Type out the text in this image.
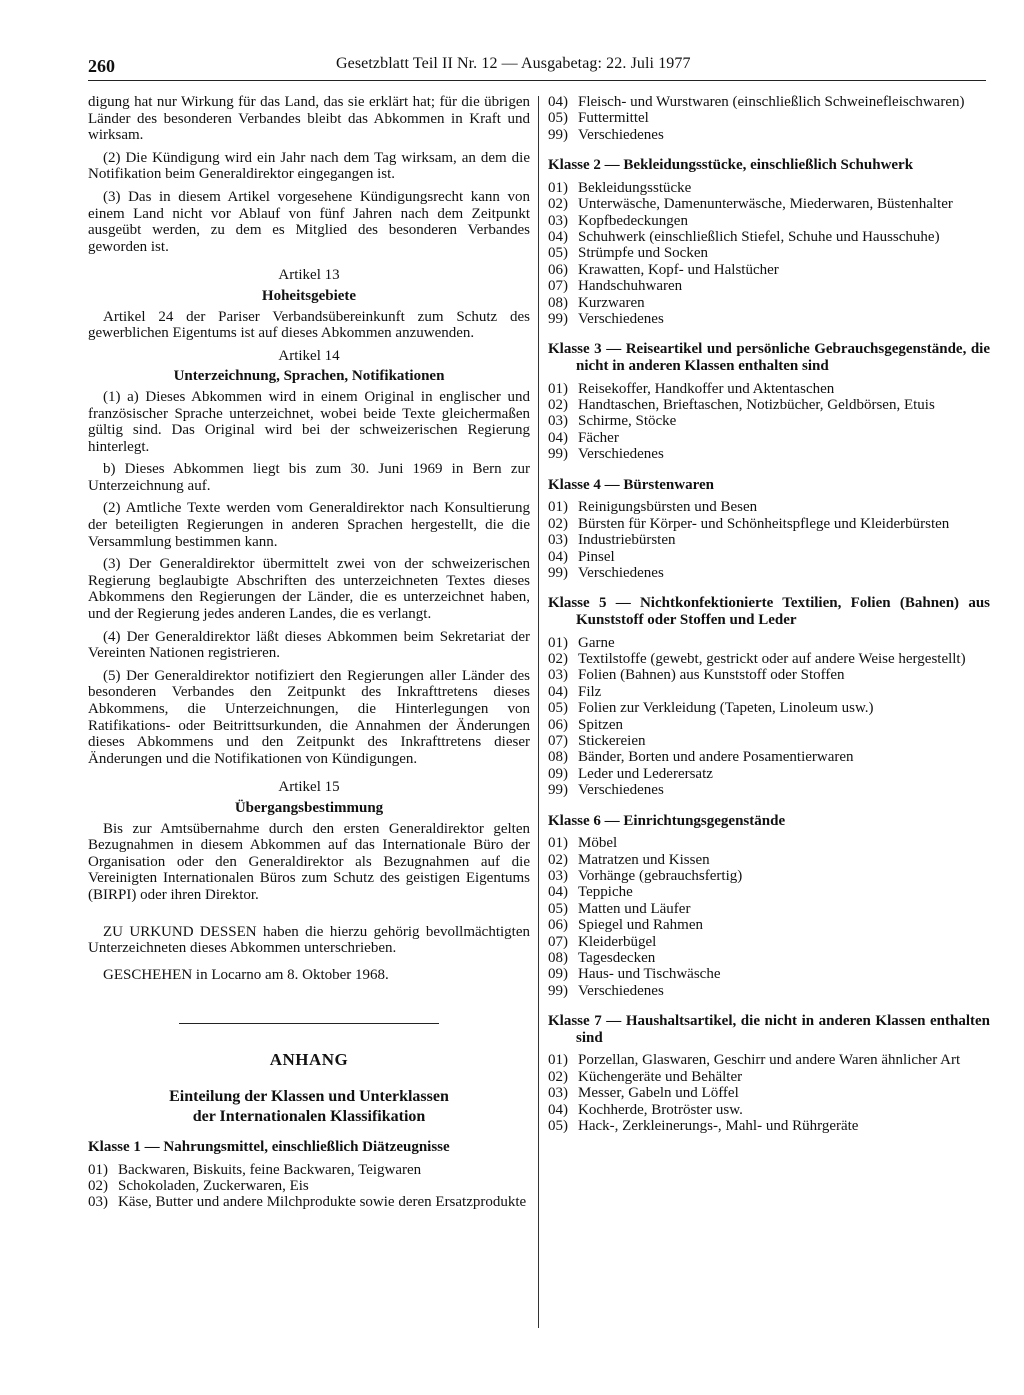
260	Gesetzblatt Teil II Nr. 12 — Ausgabetag: 22. Juli 1977

digung hat nur Wirkung für das Land, das sie erklärt hat; für die übrigen Länder des besonderen Verbandes bleibt das Abkommen in Kraft und wirksam.

(2) Die Kündigung wird ein Jahr nach dem Tag wirksam, an dem die Notifikation beim Generaldirektor eingegangen ist.

(3) Das in diesem Artikel vorgesehene Kündigungsrecht kann von einem Land nicht vor Ablauf von fünf Jahren nach dem Zeitpunkt ausgeübt werden, zu dem es Mitglied des besonderen Verbandes geworden ist.

Artikel 13
Hoheitsgebiete

Artikel 24 der Pariser Verbandsübereinkunft zum Schutz des gewerblichen Eigentums ist auf dieses Abkommen anzuwenden.

Artikel 14
Unterzeichnung, Sprachen, Notifikationen

(1) a) Dieses Abkommen wird in einem Original in englischer und französischer Sprache unterzeichnet, wobei beide Texte gleichermaßen gültig sind. Das Original wird bei der schweizerischen Regierung hinterlegt.

b) Dieses Abkommen liegt bis zum 30. Juni 1969 in Bern zur Unterzeichnung auf.

(2) Amtliche Texte werden vom Generaldirektor nach Konsultierung der beteiligten Regierungen in anderen Sprachen hergestellt, die die Versammlung bestimmen kann.

(3) Der Generaldirektor übermittelt zwei von der schweizerischen Regierung beglaubigte Abschriften des unterzeichneten Textes dieses Abkommens den Regierungen der Länder, die es unterzeichnet haben, und der Regierung jedes anderen Landes, die es verlangt.

(4) Der Generaldirektor läßt dieses Abkommen beim Sekretariat der Vereinten Nationen registrieren.

(5) Der Generaldirektor notifiziert den Regierungen aller Länder des besonderen Verbandes den Zeitpunkt des Inkrafttretens dieses Abkommens, die Unterzeichnungen, die Hinterlegungen von Ratifikations- oder Beitrittsurkunden, die Annahmen der Änderungen dieses Abkommens und den Zeitpunkt des Inkrafttretens dieser Änderungen und die Notifikationen von Kündigungen.

Artikel 15
Übergangsbestimmung

Bis zur Amtsübernahme durch den ersten Generaldirektor gelten Bezugnahmen in diesem Abkommen auf das Internationale Büro der Organisation oder den Generaldirektor als Bezugnahmen auf die Vereinigten Internationalen Büros zum Schutz des geistigen Eigentums (BIRPI) oder ihren Direktor.

ZU URKUND DESSEN haben die hierzu gehörig bevollmächtigten Unterzeichneten dieses Abkommen unterschrieben.

GESCHEHEN in Locarno am 8. Oktober 1968.

ANHANG
Einteilung der Klassen und Unterklassen
der Internationalen Klassifikation
Klasse 1 — Nahrungsmittel, einschließlich Diätzeugnisse
01) Backwaren, Biskuits, feine Backwaren, Teigwaren
02) Schokoladen, Zuckerwaren, Eis
03) Käse, Butter und andere Milchprodukte sowie deren Ersatzprodukte
04) Fleisch- und Wurstwaren (einschließlich Schweinefleischwaren)
05) Futtermittel
99) Verschiedenes
Klasse 2 — Bekleidungsstücke, einschließlich Schuhwerk
01) Bekleidungsstücke
02) Unterwäsche, Damenunterwäsche, Miederwaren, Büstenhalter
03) Kopfbedeckungen
04) Schuhwerk (einschließlich Stiefel, Schuhe und Hausschuhe)
05) Strümpfe und Socken
06) Krawatten, Kopf- und Halstücher
07) Handschuhwaren
08) Kurzwaren
99) Verschiedenes
Klasse 3 — Reiseartikel und persönliche Gebrauchsgegenstände, die nicht in anderen Klassen enthalten sind
01) Reisekoffer, Handkoffer und Aktentaschen
02) Handtaschen, Brieftaschen, Notizbücher, Geldbörsen, Etuis
03) Schirme, Stöcke
04) Fächer
99) Verschiedenes
Klasse 4 — Bürstenwaren
01) Reinigungsbürsten und Besen
02) Bürsten für Körper- und Schönheitspflege und Kleiderbürsten
03) Industriebürsten
04) Pinsel
99) Verschiedenes
Klasse 5 — Nichtkonfektionierte Textilien, Folien (Bahnen) aus Kunststoff oder Stoffen und Leder
01) Garne
02) Textilstoffe (gewebt, gestrickt oder auf andere Weise hergestellt)
03) Folien (Bahnen) aus Kunststoff oder Stoffen
04) Filz
05) Folien zur Verkleidung (Tapeten, Linoleum usw.)
06) Spitzen
07) Stickereien
08) Bänder, Borten und andere Posamentierwaren
09) Leder und Lederersatz
99) Verschiedenes
Klasse 6 — Einrichtungsgegenstände
01) Möbel
02) Matratzen und Kissen
03) Vorhänge (gebrauchsfertig)
04) Teppiche
05) Matten und Läufer
06) Spiegel und Rahmen
07) Kleiderbügel
08) Tagesdecken
09) Haus- und Tischwäsche
99) Verschiedenes
Klasse 7 — Haushaltsartikel, die nicht in anderen Klassen enthalten sind
01) Porzellan, Glaswaren, Geschirr und andere Waren ähnlicher Art
02) Küchengeräte und Behälter
03) Messer, Gabeln und Löffel
04) Kochherde, Brotröster usw.
05) Hack-, Zerkleinerungs-, Mahl- und Rührgeräte
